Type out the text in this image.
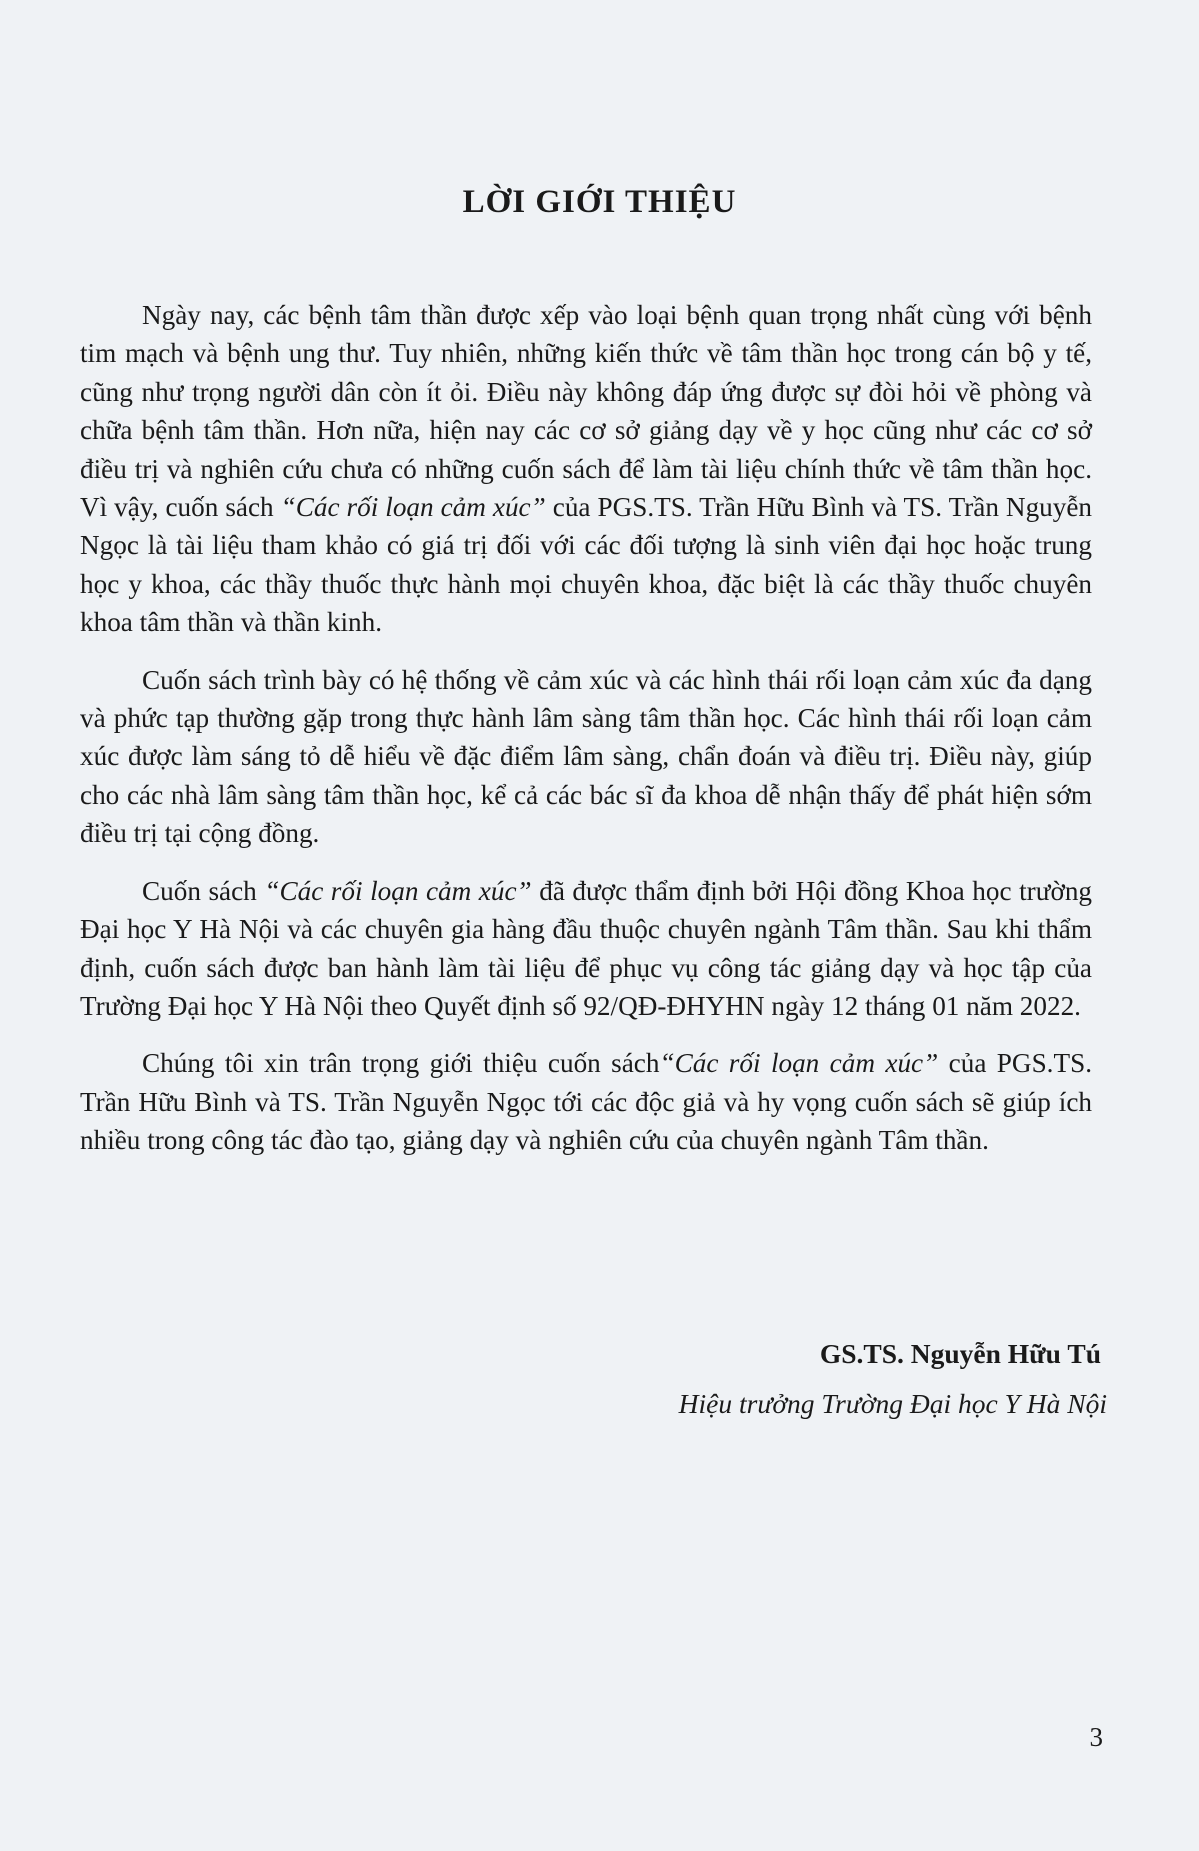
LỜI GIỚI THIỆU

Ngày nay, các bệnh tâm thần được xếp vào loại bệnh quan trọng nhất cùng với bệnh tim mạch và bệnh ung thư. Tuy nhiên, những kiến thức về tâm thần học trong cán bộ y tế, cũng như trọng người dân còn ít ỏi. Điều này không đáp ứng được sự đòi hỏi về phòng và chữa bệnh tâm thần. Hơn nữa, hiện nay các cơ sở giảng dạy về y học cũng như các cơ sở điều trị và nghiên cứu chưa có những cuốn sách để làm tài liệu chính thức về tâm thần học. Vì vậy, cuốn sách “Các rối loạn cảm xúc” của PGS.TS. Trần Hữu Bình và TS. Trần Nguyễn Ngọc là tài liệu tham khảo có giá trị đối với các đối tượng là sinh viên đại học hoặc trung học y khoa, các thầy thuốc thực hành mọi chuyên khoa, đặc biệt là các thầy thuốc chuyên khoa tâm thần và thần kinh.

Cuốn sách trình bày có hệ thống về cảm xúc và các hình thái rối loạn cảm xúc đa dạng và phức tạp thường gặp trong thực hành lâm sàng tâm thần học. Các hình thái rối loạn cảm xúc được làm sáng tỏ dễ hiểu về đặc điểm lâm sàng, chẩn đoán và điều trị. Điều này, giúp cho các nhà lâm sàng tâm thần học, kể cả các bác sĩ đa khoa dễ nhận thấy để phát hiện sớm điều trị tại cộng đồng.

Cuốn sách “Các rối loạn cảm xúc” đã được thẩm định bởi Hội đồng Khoa học trường Đại học Y Hà Nội và các chuyên gia hàng đầu thuộc chuyên ngành Tâm thần. Sau khi thẩm định, cuốn sách được ban hành làm tài liệu để phục vụ công tác giảng dạy và học tập của Trường Đại học Y Hà Nội theo Quyết định số 92/QĐ-ĐHYHN ngày 12 tháng 01 năm 2022.

Chúng tôi xin trân trọng giới thiệu cuốn sách“Các rối loạn cảm xúc” của PGS.TS. Trần Hữu Bình và TS. Trần Nguyễn Ngọc tới các độc giả và hy vọng cuốn sách sẽ giúp ích nhiều trong công tác đào tạo, giảng dạy và nghiên cứu của chuyên ngành Tâm thần.

GS.TS. Nguyễn Hữu Tú
Hiệu trưởng Trường Đại học Y Hà Nội
3
